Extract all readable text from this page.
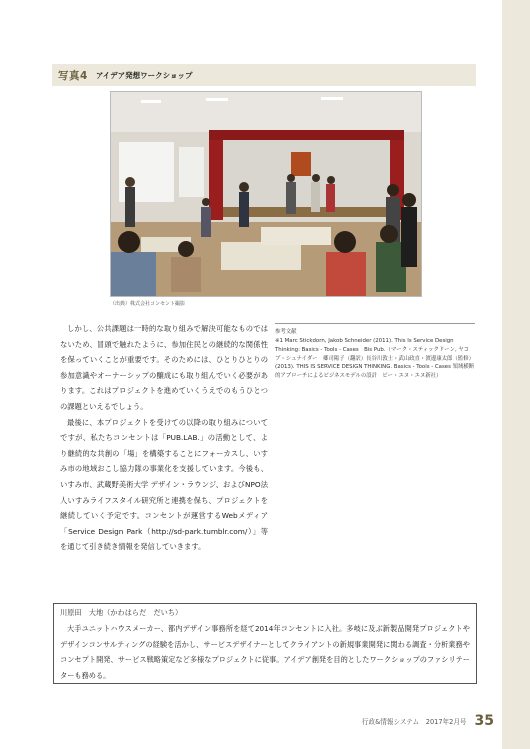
写真4 アイデア発想ワークショップ
（出典）株式会社コンセント撮影

しかし、公共課題は一時的な取り組みで解決可能なものではないため、冒頭で触れたように、参加住民との継続的な関係性を保っていくことが重要です。そのためには、ひとりひとりの参加意識やオーナーシップの醸成にも取り組んでいく必要があります。これはプロジェクトを進めていくうえでのもうひとつの課題といえるでしょう。

最後に、本プロジェクトを受けての以降の取り組みについてですが、私たちコンセントは「PUB.LAB.」の活動として、より継続的な共創の「場」を構築することにフォーカスし、いすみ市の地域おこし協力隊の事業化を支援しています。今後も、いすみ市、武蔵野美術大学 デザイン・ラウンジ、およびNPO法人いすみライフスタイル研究所と連携を保ち、プロジェクトを継続していく予定です。コンセントが運営するWebメディア「Service Design Park（http://sd-park.tumblr.com/）」等を通じて引き続き情報を発信していきます。

参考文献
※1 Marc Stickdorn, Jakob Schneider (2011). This Is Service Design Thinking: Basics - Tools - Cases　Bis Pub.（マーク・スティックドーン, ヤコブ・シュナイダー　郷司陽子（翻訳）長谷川敦士・武山政直・渡邊康太郎（監修）(2013). THIS IS SERVICE DESIGN THINKING. Basics - Tools - Cases 領域横断的アプローチによるビジネスモデルの設計　ビー・エヌ・エヌ新社）
川原田　大地（かわはらだ　だいち）
大手ユニットハウスメーカー、都内デザイン事務所を経て2014年コンセントに入社。多岐に及ぶ新製品開発プロジェクトやデザインコンサルティングの経験を活かし、サービスデザイナーとしてクライアントの新規事業開発に関わる調査・分析業務やコンセプト開発、サービス戦略策定など多様なプロジェクトに従事。アイデア創発を目的としたワークショップのファシリテーターも務める。
行政&情報システム　2017年2月号 35
